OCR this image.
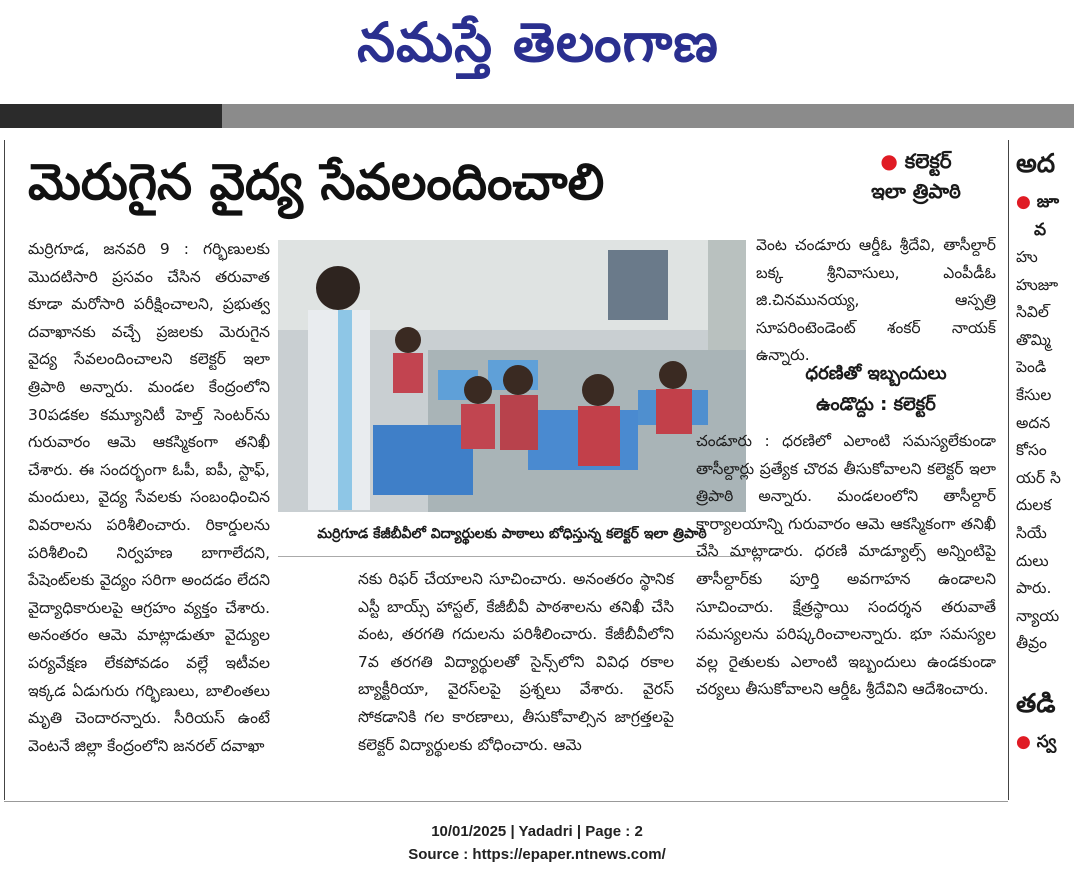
నమస్తే తెలంగాణ
మెరుగైన వైద్య సేవలందించాలి	● కలెక్టర్
ఇలా త్రిపాఠి

మర్రిగూడ, జనవరి 9 : గర్భిణులకు మొదటిసారి ప్రసవం చేసిన తరువాత కూడా మరోసారి పరీక్షించాలని, ప్రభుత్వ దవాఖానకు వచ్చే ప్రజలకు మెరుగైన వైద్య సేవలందించాలని కలెక్టర్ ఇలా త్రిపాఠి అన్నారు. మండల కేంద్రంలోని 30పడకల కమ్యూనిటీ హెల్త్ సెంటర్‌ను గురువారం ఆమె ఆకస్మికంగా తనిఖీ చేశారు. ఈ సందర్భంగా ఓపీ, ఐపీ, స్టాఫ్, మందులు, వైద్య సేవలకు సంబంధించిన వివరాలను పరిశీలించారు. రికార్డులను పరిశీలించి నిర్వహణ బాగాలేదని, పేషెంట్‌లకు వైద్యం సరిగా అందడం లేదని వైద్యాధికారులపై ఆగ్రహం వ్యక్తం చేశారు. అనంతరం ఆమె మాట్లాడుతూ వైద్యుల పర్యవేక్షణ లేకపోవడం వల్లే ఇటీవల ఇక్కడ ఏడుగురు గర్భిణులు, బాలింతలు మృతి చెందారన్నారు. సీరియస్ ఉంటే వెంటనే జిల్లా కేంద్రంలోని జనరల్ దవాఖా

మర్రిగూడ కేజీబీవీలో విద్యార్థులకు పాఠాలు బోధిస్తున్న కలెక్టర్ ఇలా త్రిపాఠి

నకు రిఫర్ చేయాలని సూచించారు. అనంతరం స్థానిక ఎస్టీ బాయ్స్ హాస్టల్, కేజీబీవీ పాఠశాలను తనిఖీ చేసి వంట, తరగతి గదులను పరిశీలించారు. కేజీబీవీలోని 7వ తరగతి విద్యార్థులతో సైన్స్‌లోని వివిధ రకాల బ్యాక్టీరియా, వైరస్‌లపై ప్రశ్నలు వేశారు. వైరస్ సోకడానికి గల కారణాలు, తీసుకోవాల్సిన జాగ్రత్తలపై కలెక్టర్ విద్యార్థులకు బోధించారు. ఆమె

వెంట చండూరు ఆర్డీఓ శ్రీదేవి, తాసీల్దార్ బక్క శ్రీనివాసులు, ఎంపీడీఓ జి.చినమునయ్య, ఆస్పత్రి సూపరింటెండెంట్ శంకర్ నాయక్ ఉన్నారు.

ధరణితో ఇబ్బందులు
ఉండొద్దు : కలెక్టర్

చండూరు : ధరణిలో ఎలాంటి సమస్యలేకుండా తాసీల్దార్లు ప్రత్యేక చొరవ తీసుకోవాలని కలెక్టర్ ఇలా త్రిపాఠి అన్నారు. మండలంలోని తాసీల్దార్ కార్యాలయాన్ని గురువారం ఆమె ఆకస్మికంగా తనిఖీ చేసి మాట్లాడారు. ధరణి మాడ్యూల్స్ అన్నింటిపై తాసీల్దార్‌కు పూర్తి అవగాహన ఉండాలని సూచించారు. క్షేత్రస్థాయి సందర్శన తరువాతే సమస్యలను పరిష్కరించాలన్నారు. భూ సమస్యల వల్ల రైతులకు ఎలాంటి ఇబ్బందులు ఉండకుండా చర్యలు తీసుకోవాలని ఆర్డీఓ శ్రీదేవిని ఆదేశించారు.

అద
● జూ
వ
హు
హుజూ
సివిల్
తొమ్మి
పెండి
కేసుల
అదన
కోసం
యర్ సి
దులక
సియే
దులు
పారు.
న్యాయ
తీవ్రం
తడి
● స్వ
10/01/2025 | Yadadri | Page : 2
Source : https://epaper.ntnews.com/
